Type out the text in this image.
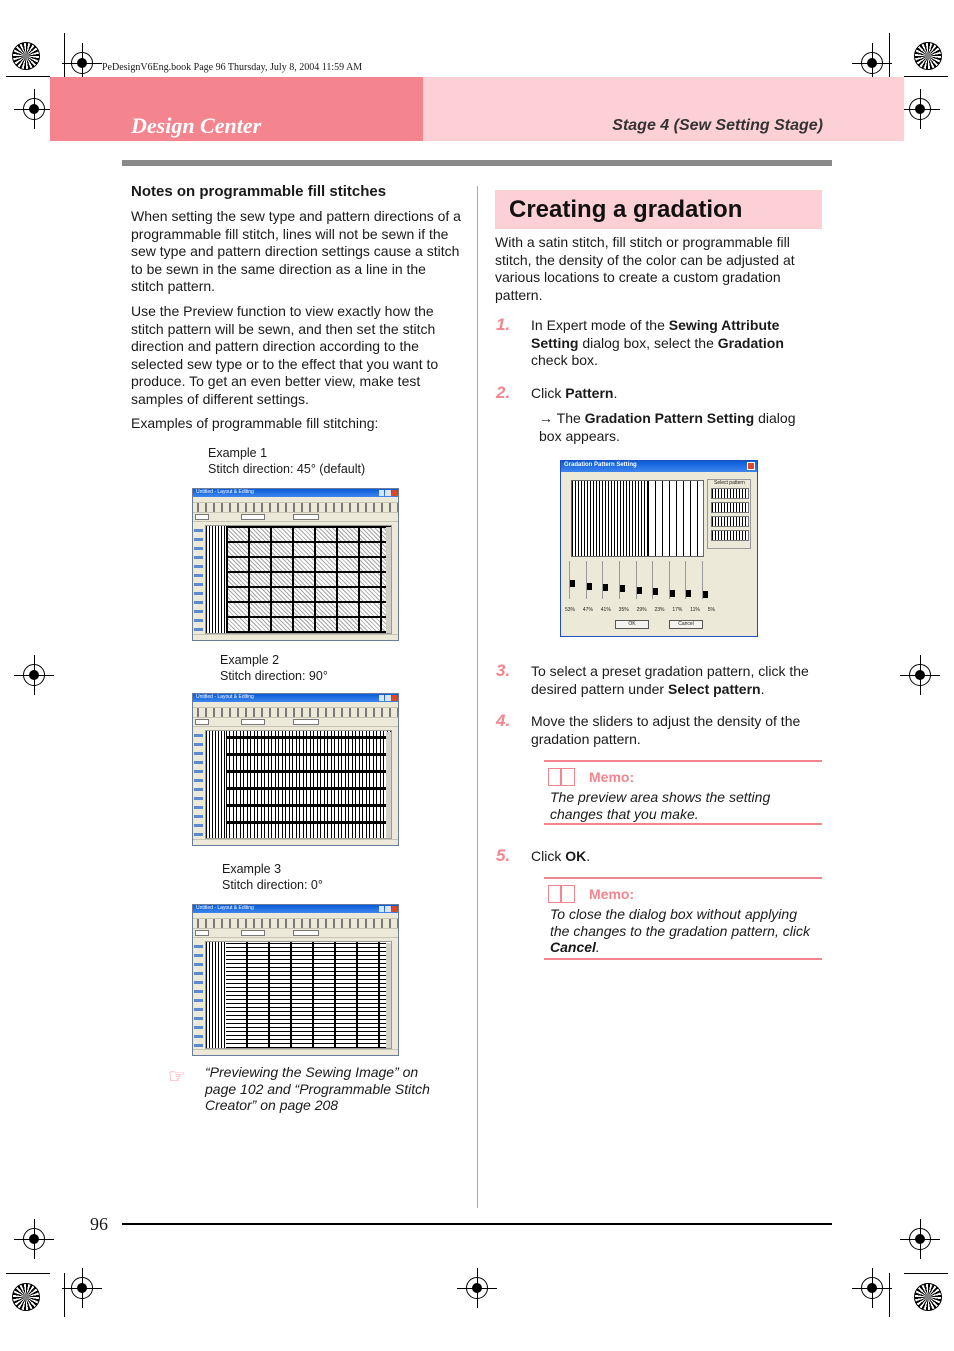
PeDesignV6Eng.book Page 96 Thursday, July 8, 2004 11:59 AM
Design Center	Stage 4 (Sew Setting Stage)
Notes on programmable fill stitches
When setting the sew type and pattern directions of a programmable fill stitch, lines will not be sewn if the sew type and pattern direction settings cause a stitch to be sewn in the same direction as a line in the stitch pattern.
Use the Preview function to view exactly how the stitch pattern will be sewn, and then set the stitch direction and pattern direction according to the selected sew type or to the effect that you want to produce. To get an even better view, make test samples of different settings.
Examples of programmable fill stitching:
Example 1
Stitch direction: 45° (default)
Untitled - Layout & Editing
Example 2
Stitch direction: 90°
Untitled - Layout & Editing
Example 3
Stitch direction: 0°
Untitled - Layout & Editing
☞ “Previewing the Sewing Image” on page 102 and “Programmable Stitch Creator” on page 208
Creating a gradation
With a satin stitch, fill stitch or programmable fill stitch, the density of the color can be adjusted at various locations to create a custom gradation pattern.
1. In Expert mode of the Sewing Attribute Setting dialog box, select the Gradation check box.
2. Click Pattern.
→ The Gradation Pattern Setting dialog box appears.
Gradation Pattern Setting
Select pattern
53% 47% 41% 35% 29% 23% 17% 11% 5%
OK	Cancel
3. To select a preset gradation pattern, click the desired pattern under Select pattern.
4. Move the sliders to adjust the density of the gradation pattern.
Memo:
The preview area shows the setting changes that you make.
5. Click OK.
Memo:
To close the dialog box without applying the changes to the gradation pattern, click Cancel.
96
